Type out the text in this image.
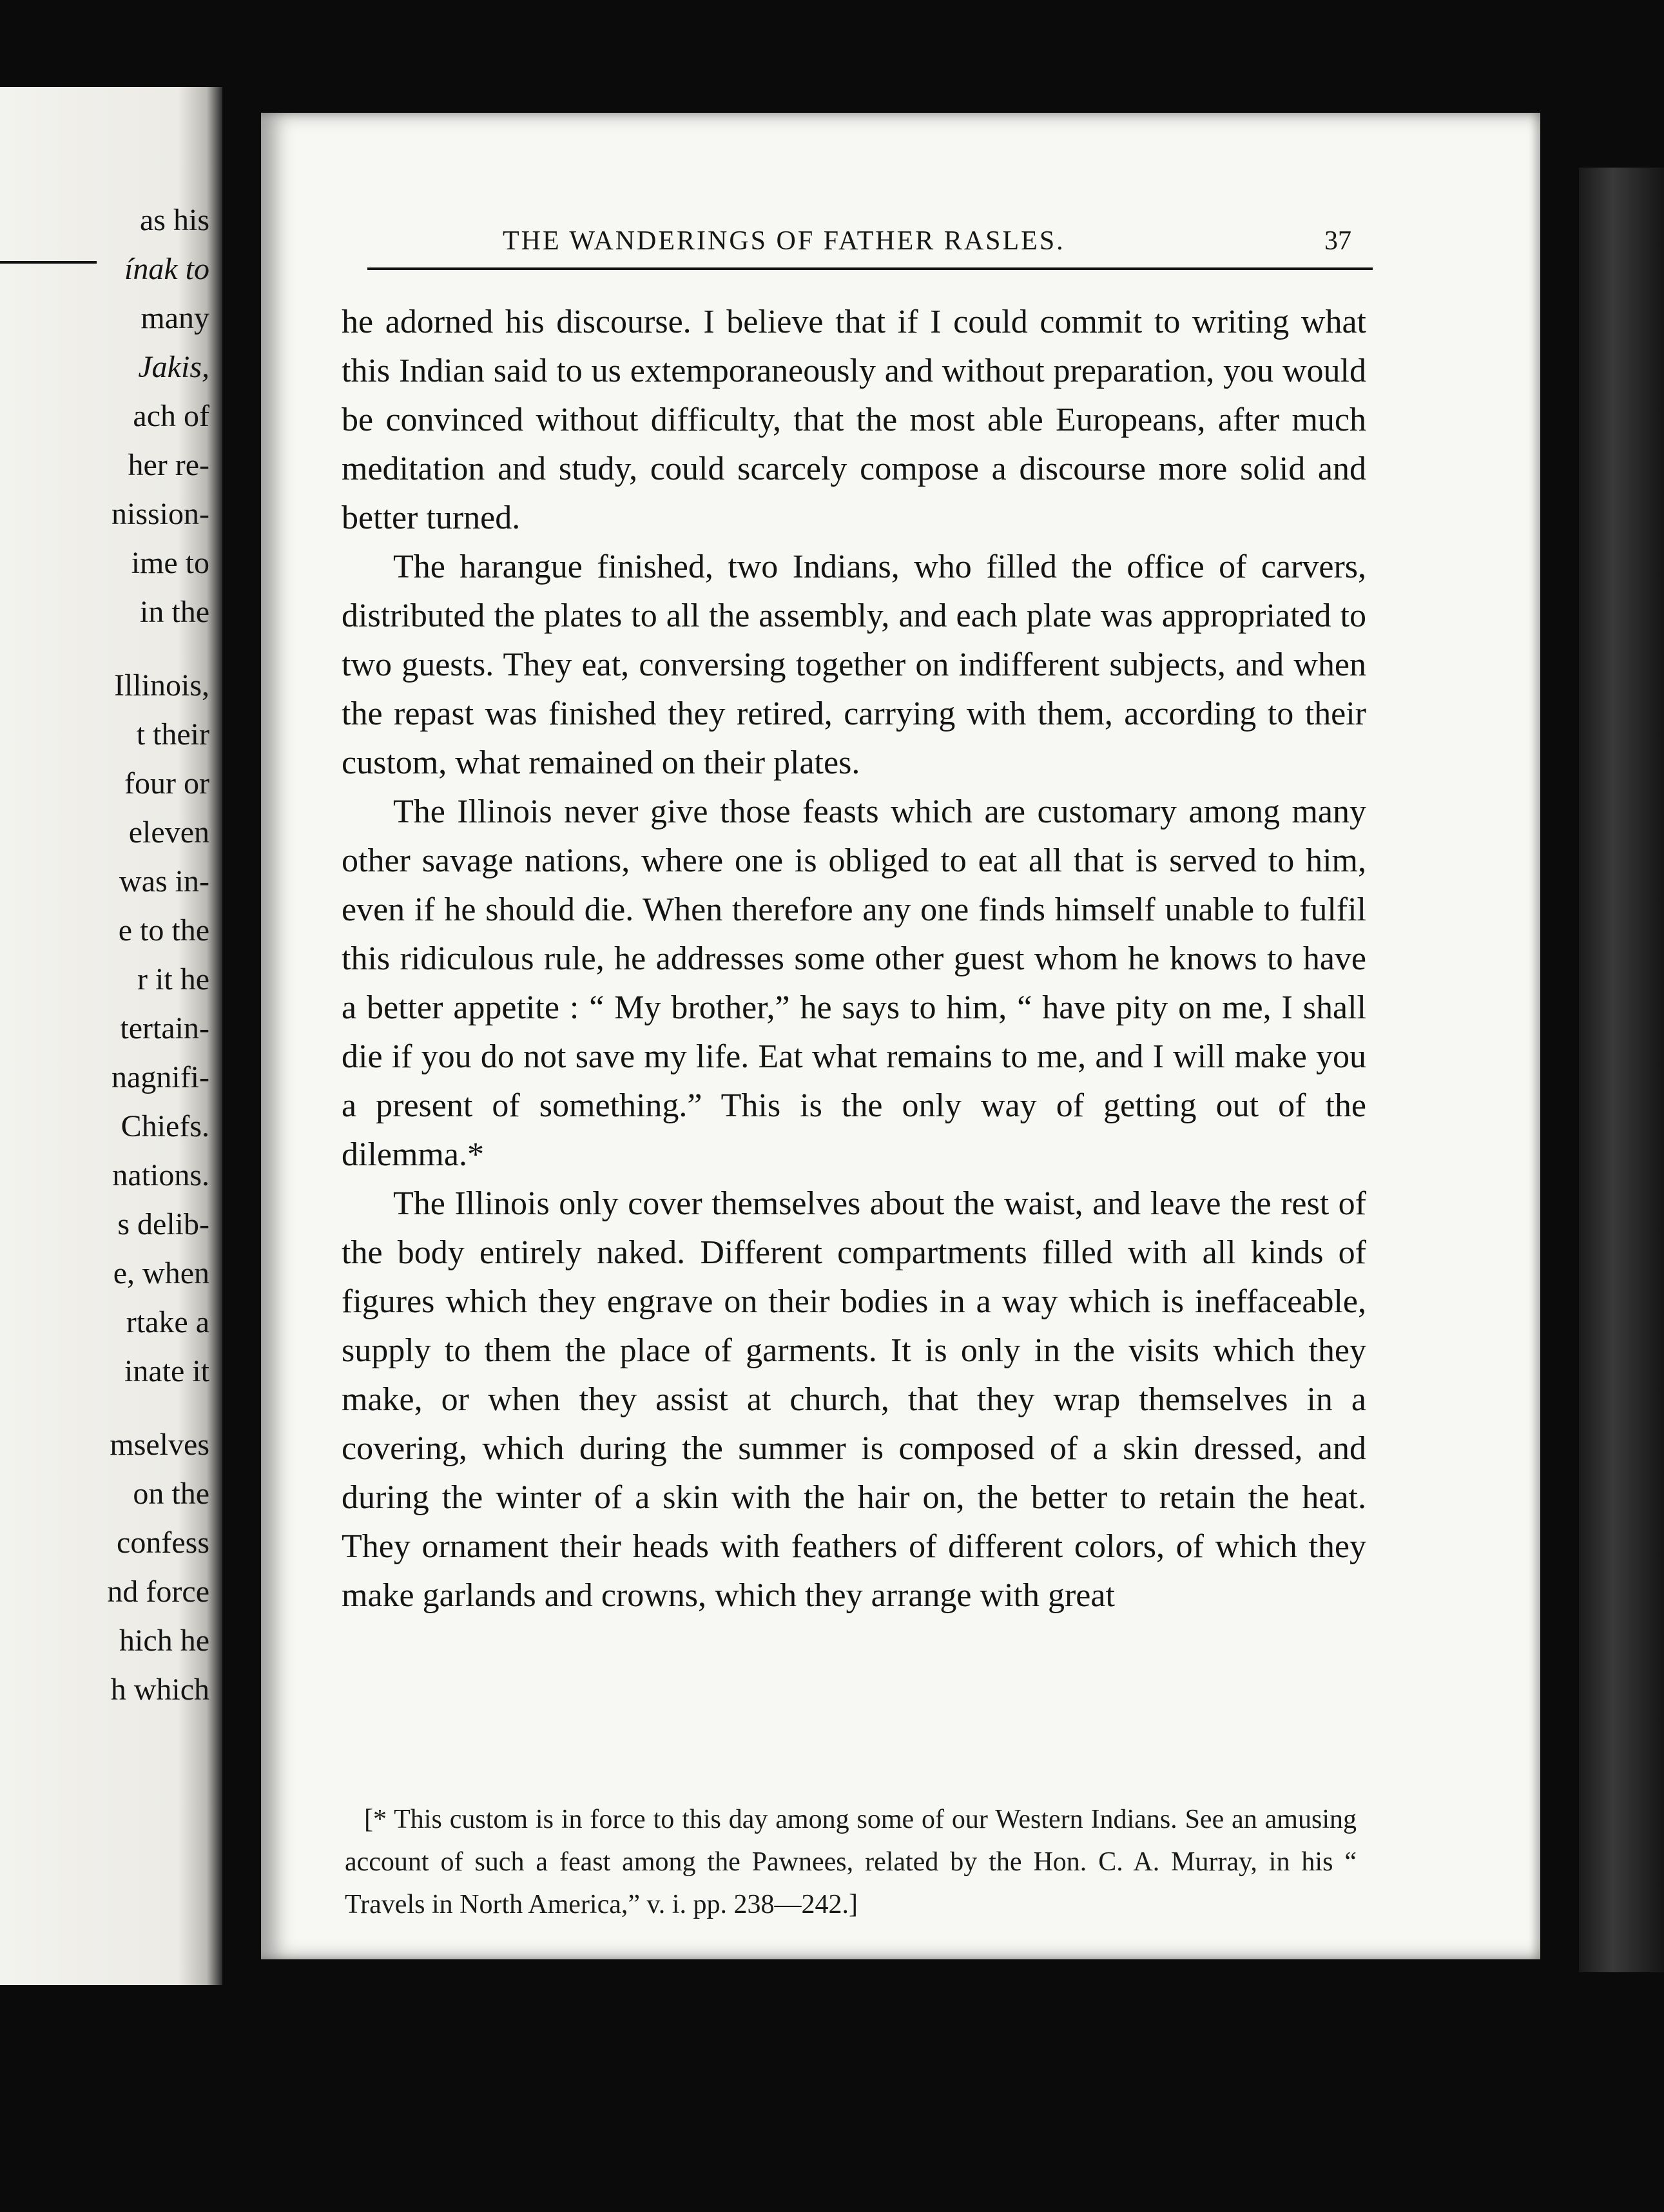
as his
ínak to
many
Jakis,
ach of
her re-
nission-
ime to
in the
Illinois,
t their
four or
eleven
was in-
e to the
r it he
tertain-
nagnifi-
Chiefs.
nations.
s delib-
e, when
rtake a
inate it
mselves
on the
confess
nd force
hich he
h which
THE WANDERINGS OF FATHER RASLES.	37

he adorned his discourse. I believe that if I could commit to writing what this Indian said to us extemporaneously and without preparation, you would be convinced without difficulty, that the most able Europeans, after much meditation and study, could scarcely compose a discourse more solid and better turned.

The harangue finished, two Indians, who filled the office of carvers, distributed the plates to all the assembly, and each plate was appropriated to two guests. They eat, conversing together on indifferent subjects, and when the repast was finished they retired, carrying with them, according to their custom, what remained on their plates.

The Illinois never give those feasts which are customary among many other savage nations, where one is obliged to eat all that is served to him, even if he should die. When therefore any one finds himself unable to fulfil this ridiculous rule, he addresses some other guest whom he knows to have a better appetite : “ My brother,” he says to him, “ have pity on me, I shall die if you do not save my life. Eat what remains to me, and I will make you a present of something.” This is the only way of getting out of the dilemma.*

The Illinois only cover themselves about the waist, and leave the rest of the body entirely naked. Different compartments filled with all kinds of figures which they engrave on their bodies in a way which is ineffaceable, supply to them the place of garments. It is only in the visits which they make, or when they assist at church, that they wrap themselves in a covering, which during the summer is composed of a skin dressed, and during the winter of a skin with the hair on, the better to retain the heat. They ornament their heads with feathers of different colors, of which they make garlands and crowns, which they arrange with great

[* This custom is in force to this day among some of our Western Indians. See an amusing account of such a feast among the Pawnees, related by the Hon. C. A. Murray, in his “ Travels in North America,” v. i. pp. 238—242.]
